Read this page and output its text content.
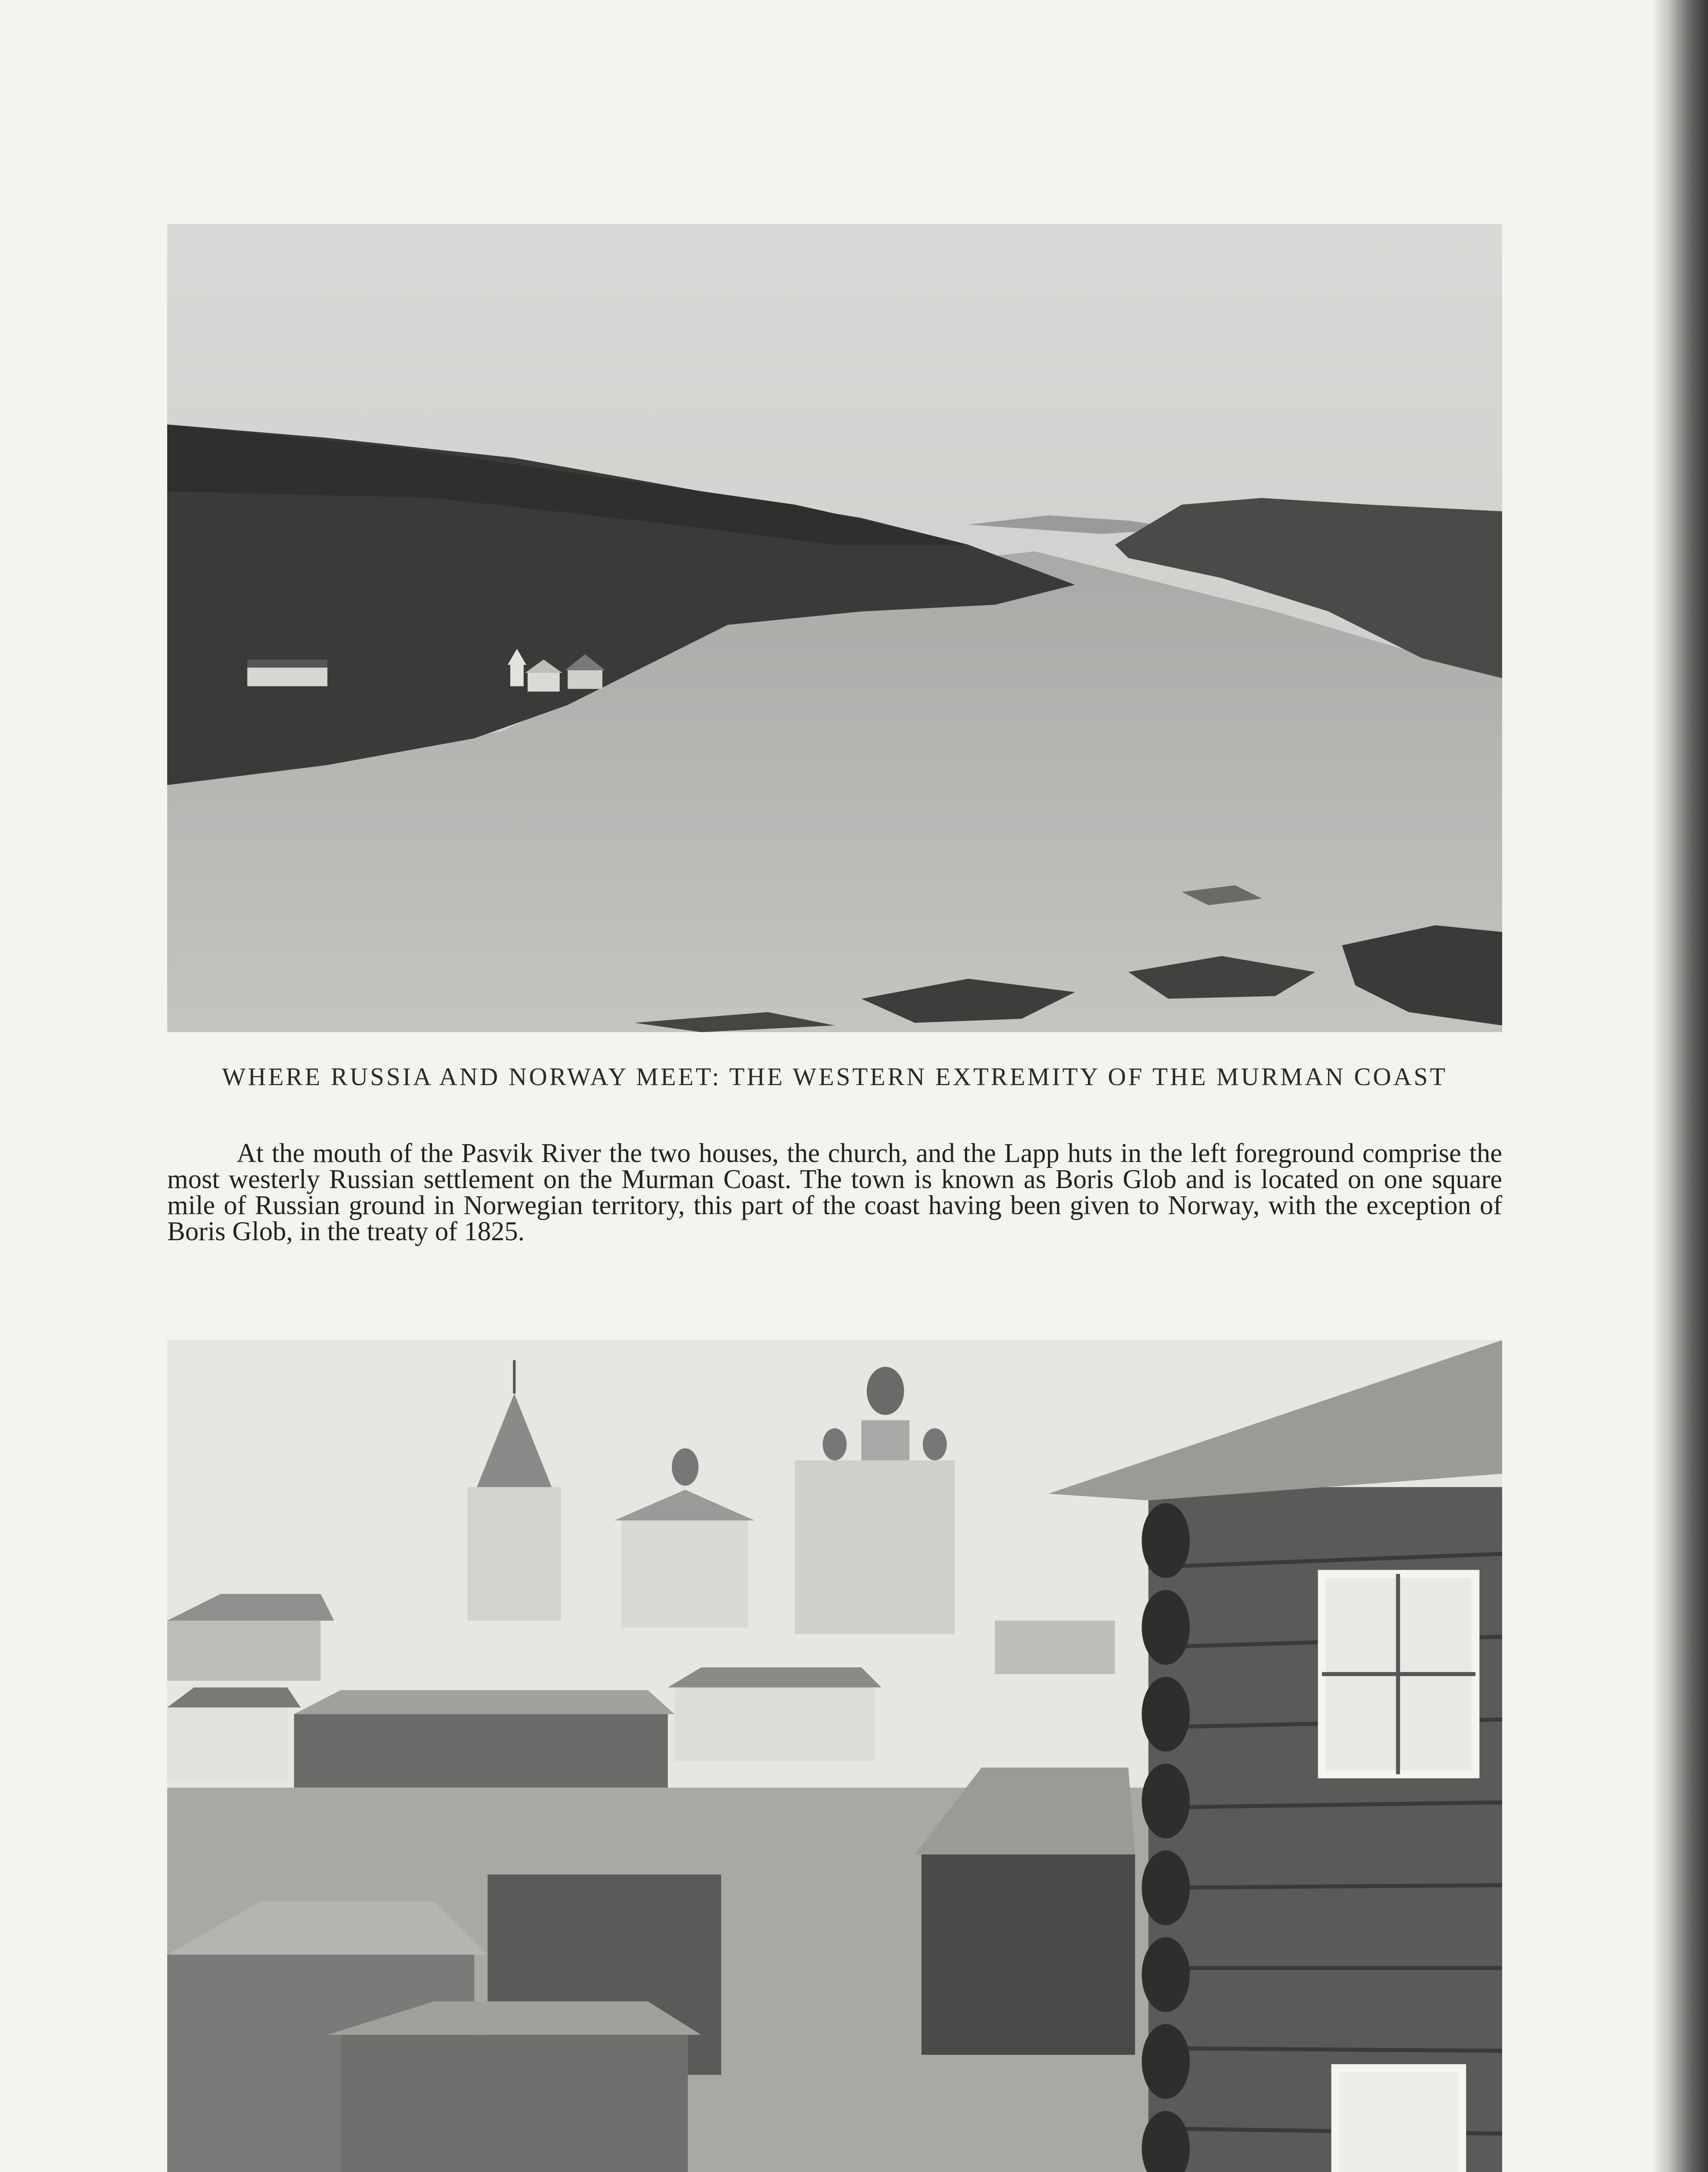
WHERE RUSSIA AND NORWAY MEET: THE WESTERN EXTREMITY OF THE MURMAN COAST

At the mouth of the Pasvik River the two houses, the church, and the Lapp huts in the left foreground comprise the most westerly Russian settlement on the Murman Coast. The town is known as Boris Glob and is located on one square mile of Russian ground in Norwegian territory, this part of the coast having been given to Norway, with the exception of Boris Glob, in the treaty of 1825.
